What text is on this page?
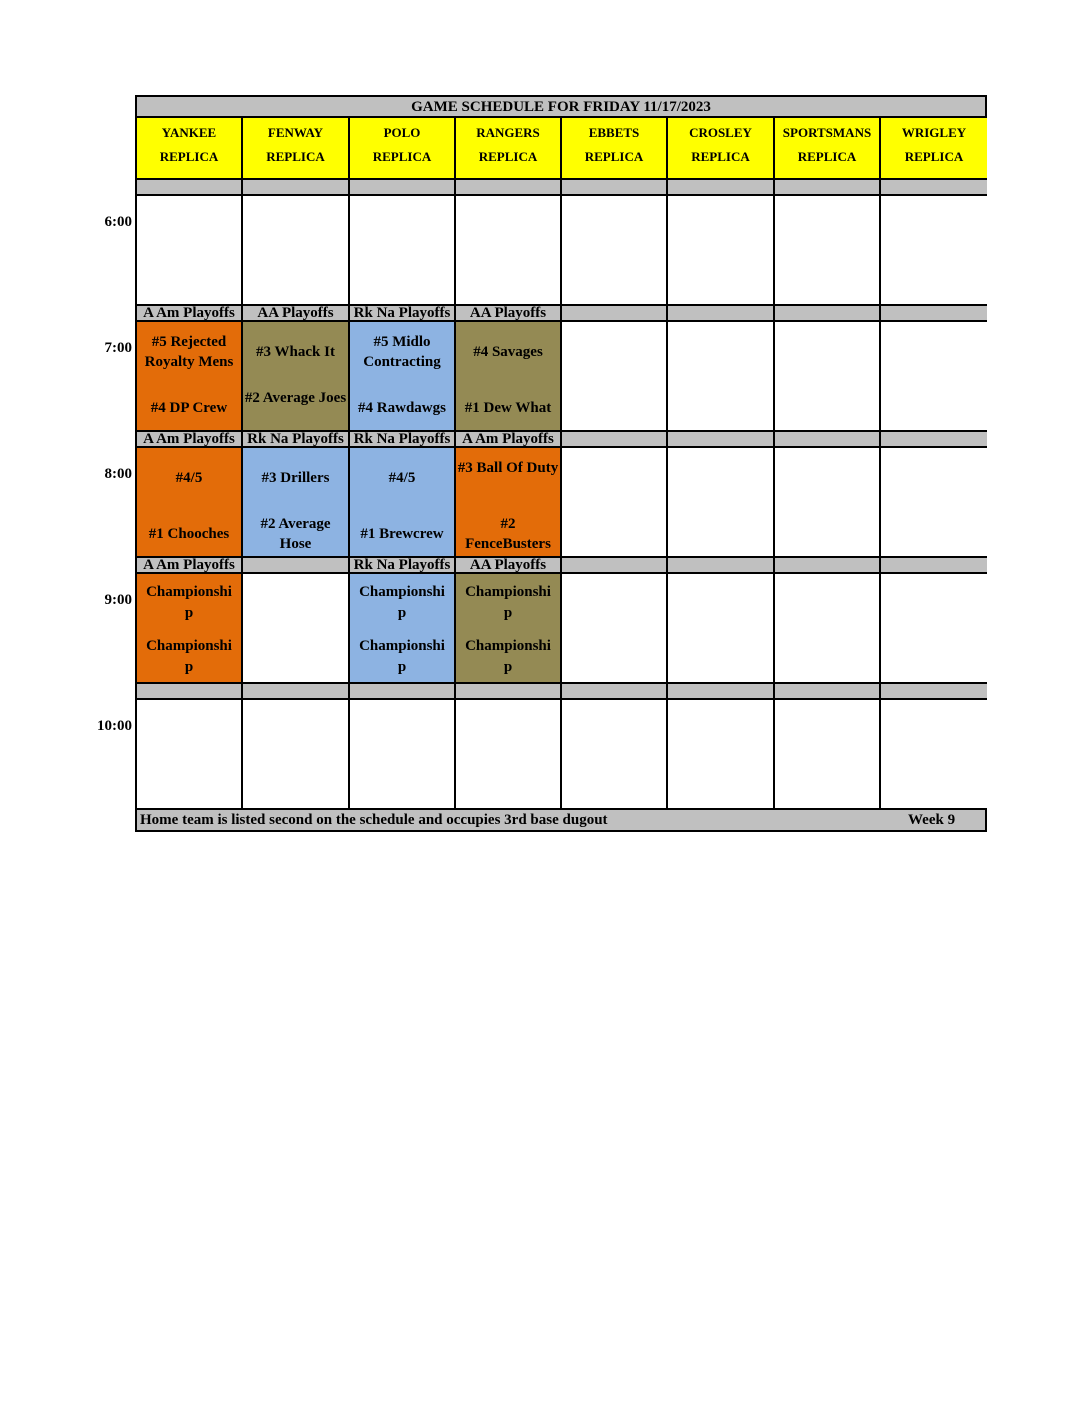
GAME SCHEDULE FOR FRIDAY 11/17/2023
YANKEE
REPLICA
FENWAY
REPLICA
POLO
REPLICA
RANGERS
REPLICA
EBBETS
REPLICA
CROSLEY
REPLICA
SPORTSMANS
REPLICA
WRIGLEY
REPLICA
A Am Playoffs
#5 Rejected Royalty Mens
#4 DP Crew
AA Playoffs
#3 Whack It
#2 Average Joes
Rk Na Playoffs
#5 Midlo Contracting
#4 Rawdawgs
AA Playoffs
#4 Savages
#1 Dew What
A Am Playoffs
#4/5
#1 Chooches
Rk Na Playoffs
#3 Drillers
#2 Average Hose
Rk Na Playoffs
#4/5
#1 Brewcrew
A Am Playoffs
#3 Ball Of Duty
#2 FenceBusters
A Am Playoffs
Championshi
p
Championshi
p
Rk Na Playoffs
Championshi
p
Championshi
p
AA Playoffs
Championshi
p
Championshi
p
Home team is listed second on the schedule and occupies 3rd base dugout	Week 9
6:00
7:00
8:00
9:00
10:00
